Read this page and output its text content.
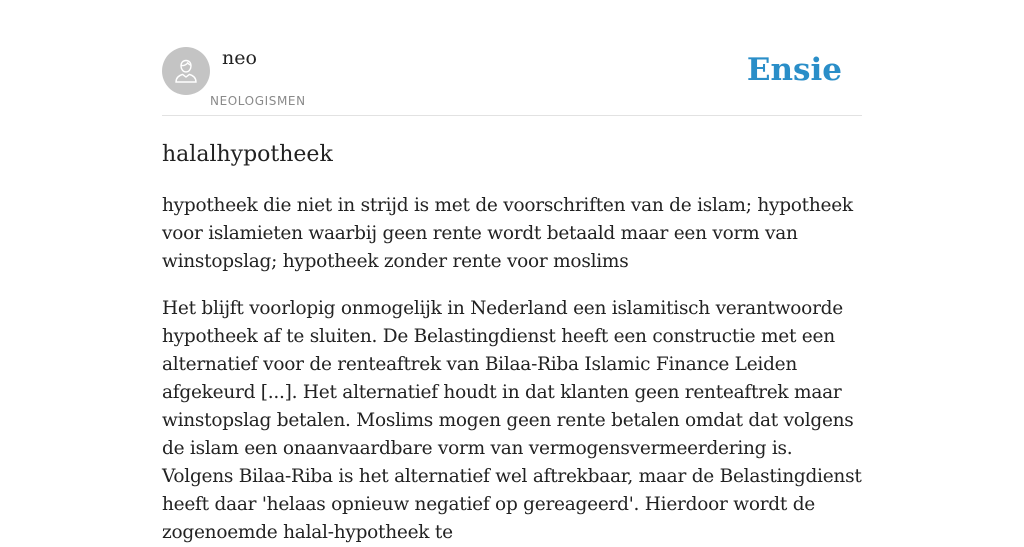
neo
NEOLOGISMEN
Ensie
halalhypotheek

hypotheek die niet in strijd is met de voorschriften van de islam; hypotheek voor islamieten waarbij geen rente wordt betaald maar een vorm van winstopslag; hypotheek zonder rente voor moslims

Het blijft voorlopig onmogelijk in Nederland een islamitisch verantwoorde hypotheek af te sluiten. De Belastingdienst heeft een constructie met een alternatief voor de renteaftrek van Bilaa-Riba Islamic Finance Leiden afgekeurd [...]. Het alternatief houdt in dat klanten geen renteaftrek maar winstopslag betalen. Moslims mogen geen rente betalen omdat dat volgens de islam een onaanvaardbare vorm van vermogensvermeerdering is. Volgens Bilaa-Riba is het alternatief wel aftrekbaar, maar de Belastingdienst heeft daar 'helaas opnieuw negatief op gereageerd'. Hierdoor wordt de zogenoemde halal-hypotheek te
